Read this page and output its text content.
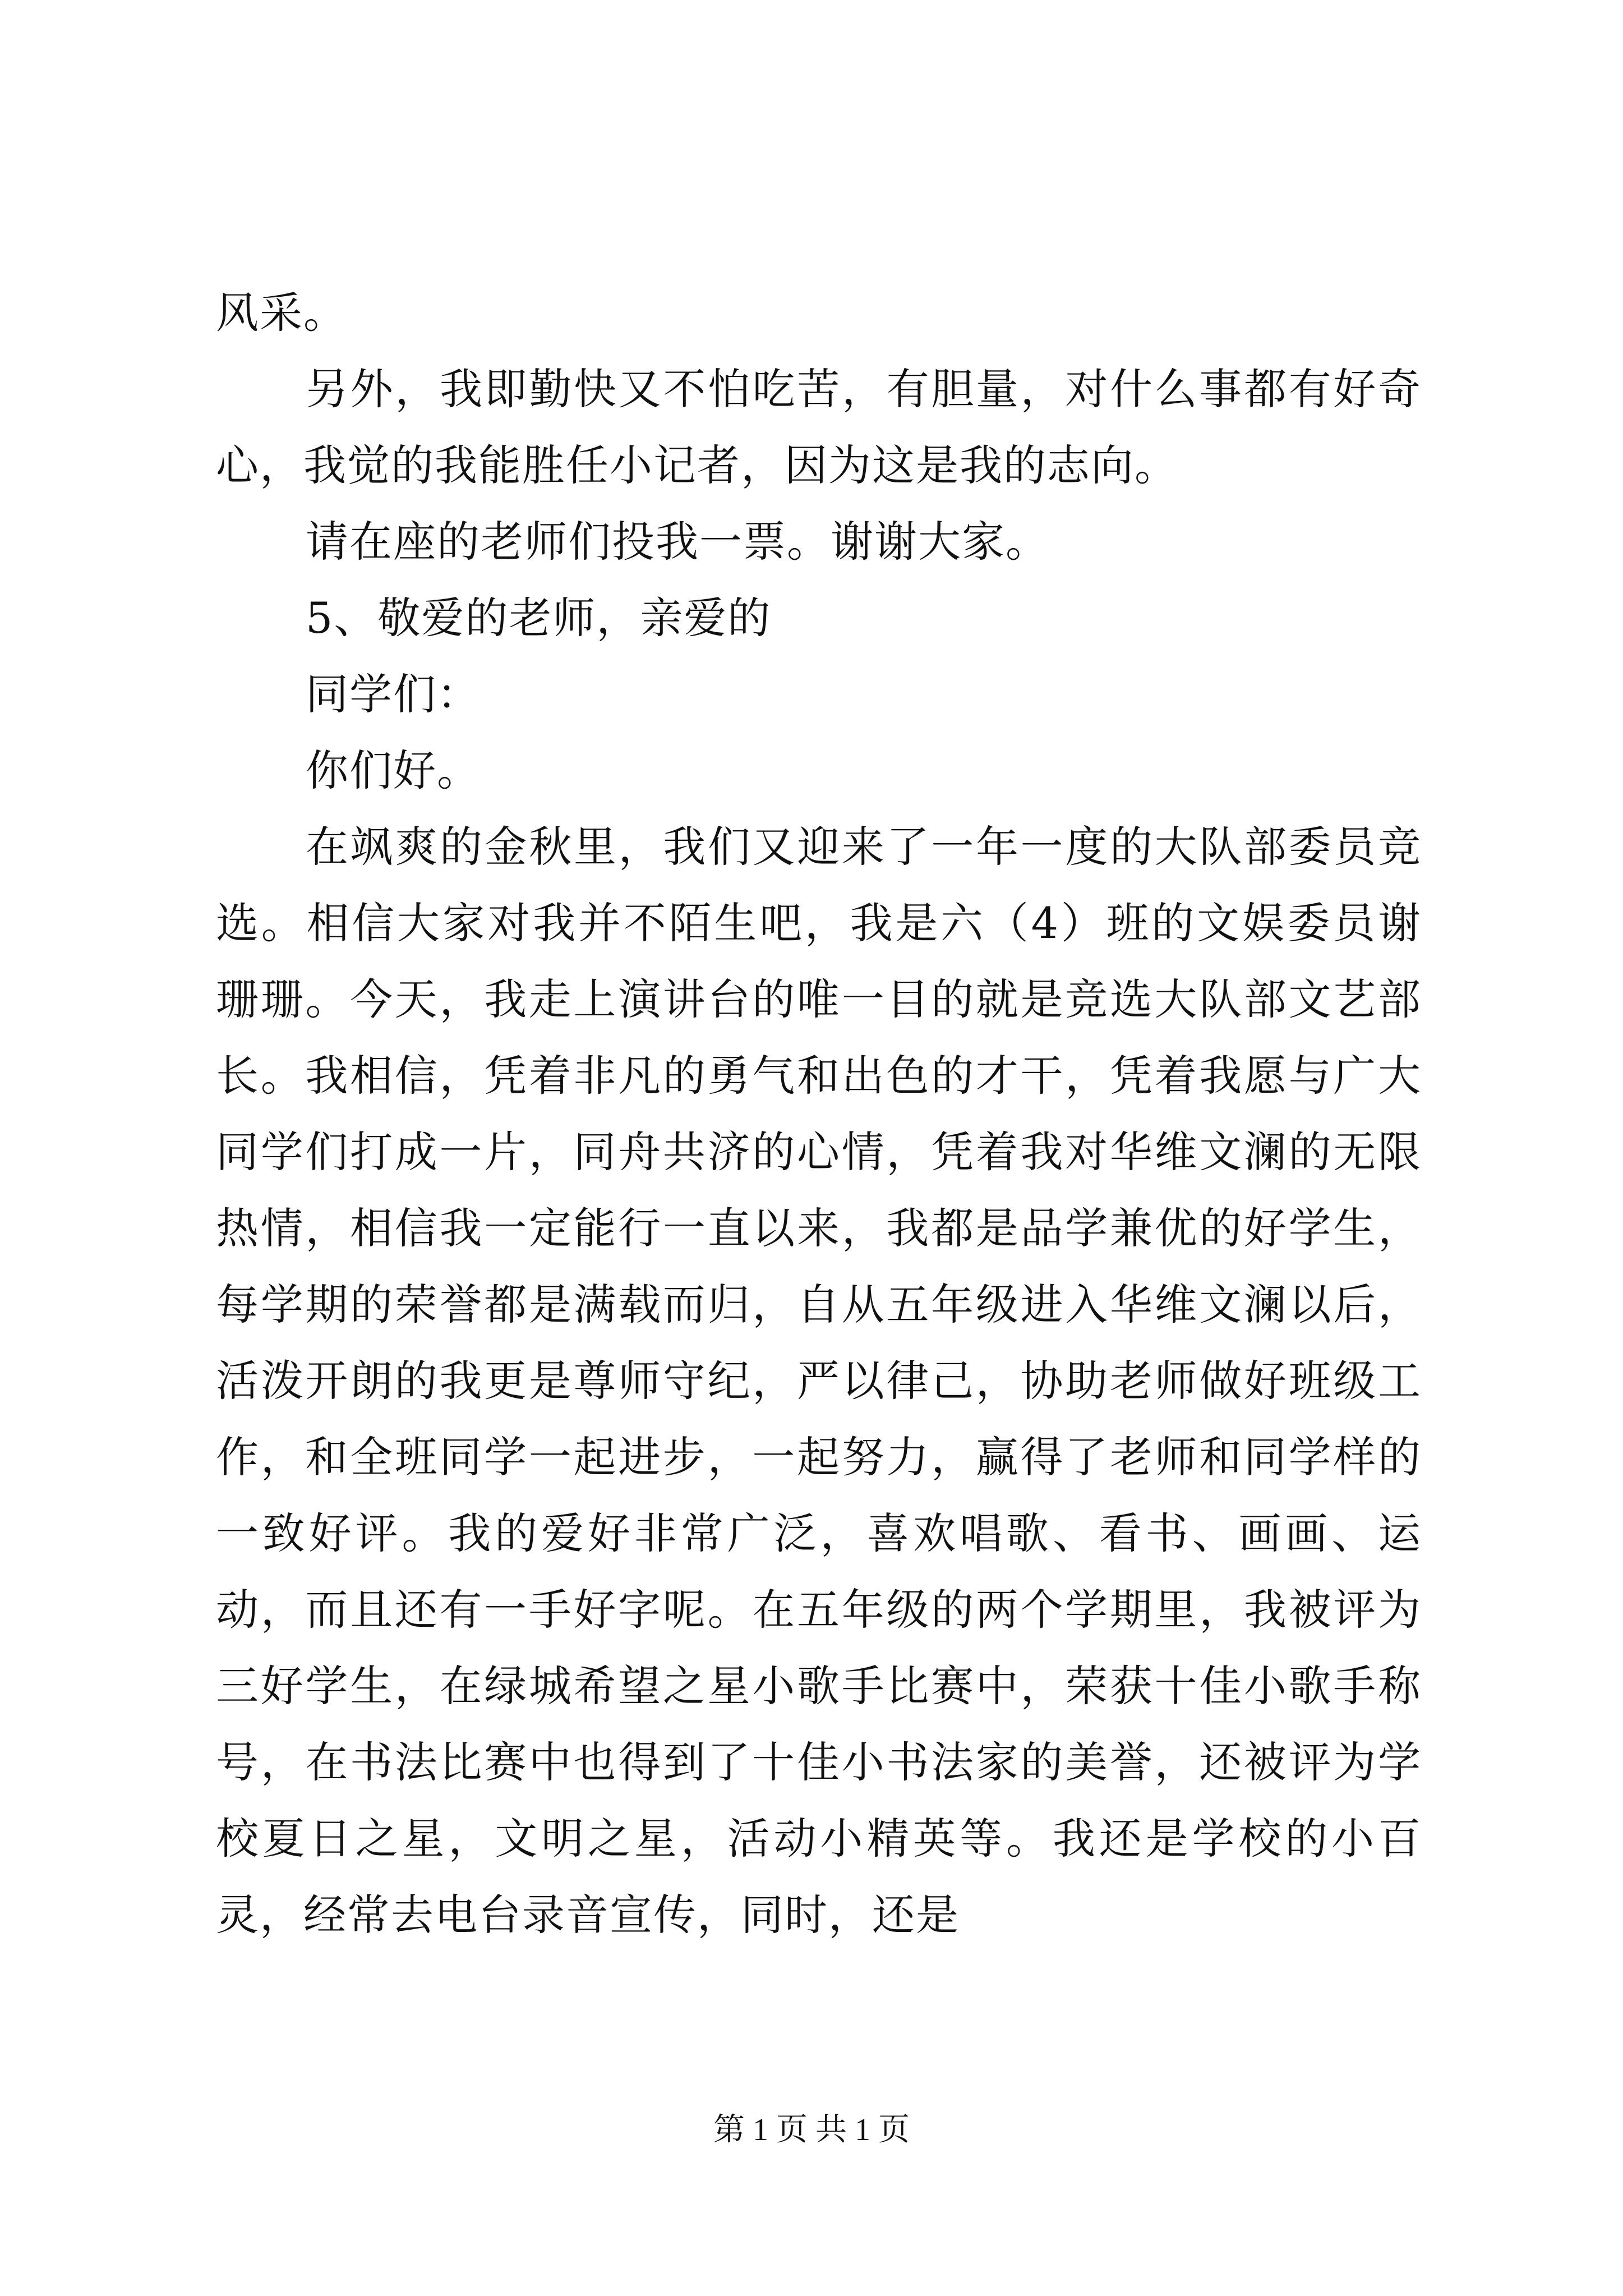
风采。

另外，我即勤快又不怕吃苦，有胆量，对什么事都有好奇心，我觉的我能胜任小记者，因为这是我的志向。

请在座的老师们投我一票。谢谢大家。

5、敬爱的老师，亲爱的

同学们：

你们好。

在飒爽的金秋里，我们又迎来了一年一度的大队部委员竞选。相信大家对我并不陌生吧，我是六（4）班的文娱委员谢珊珊。今天，我走上演讲台的唯一目的就是竞选大队部文艺部长。我相信，凭着非凡的勇气和出色的才干，凭着我愿与广大同学们打成一片，同舟共济的心情，凭着我对华维文澜的无限热情，相信我一定能行一直以来，我都是品学兼优的好学生，每学期的荣誉都是满载而归，自从五年级进入华维文澜以后，活泼开朗的我更是尊师守纪，严以律己，协助老师做好班级工作，和全班同学一起进步，一起努力，赢得了老师和同学样的一致好评。我的爱好非常广泛，喜欢唱歌、看书、画画、运动，而且还有一手好字呢。在五年级的两个学期里，我被评为三好学生，在绿城希望之星小歌手比赛中，荣获十佳小歌手称号，在书法比赛中也得到了十佳小书法家的美誉，还被评为学校夏日之星，文明之星，活动小精英等。我还是学校的小百灵，经常去电台录音宣传，同时，还是

第 1 页 共 1 页
